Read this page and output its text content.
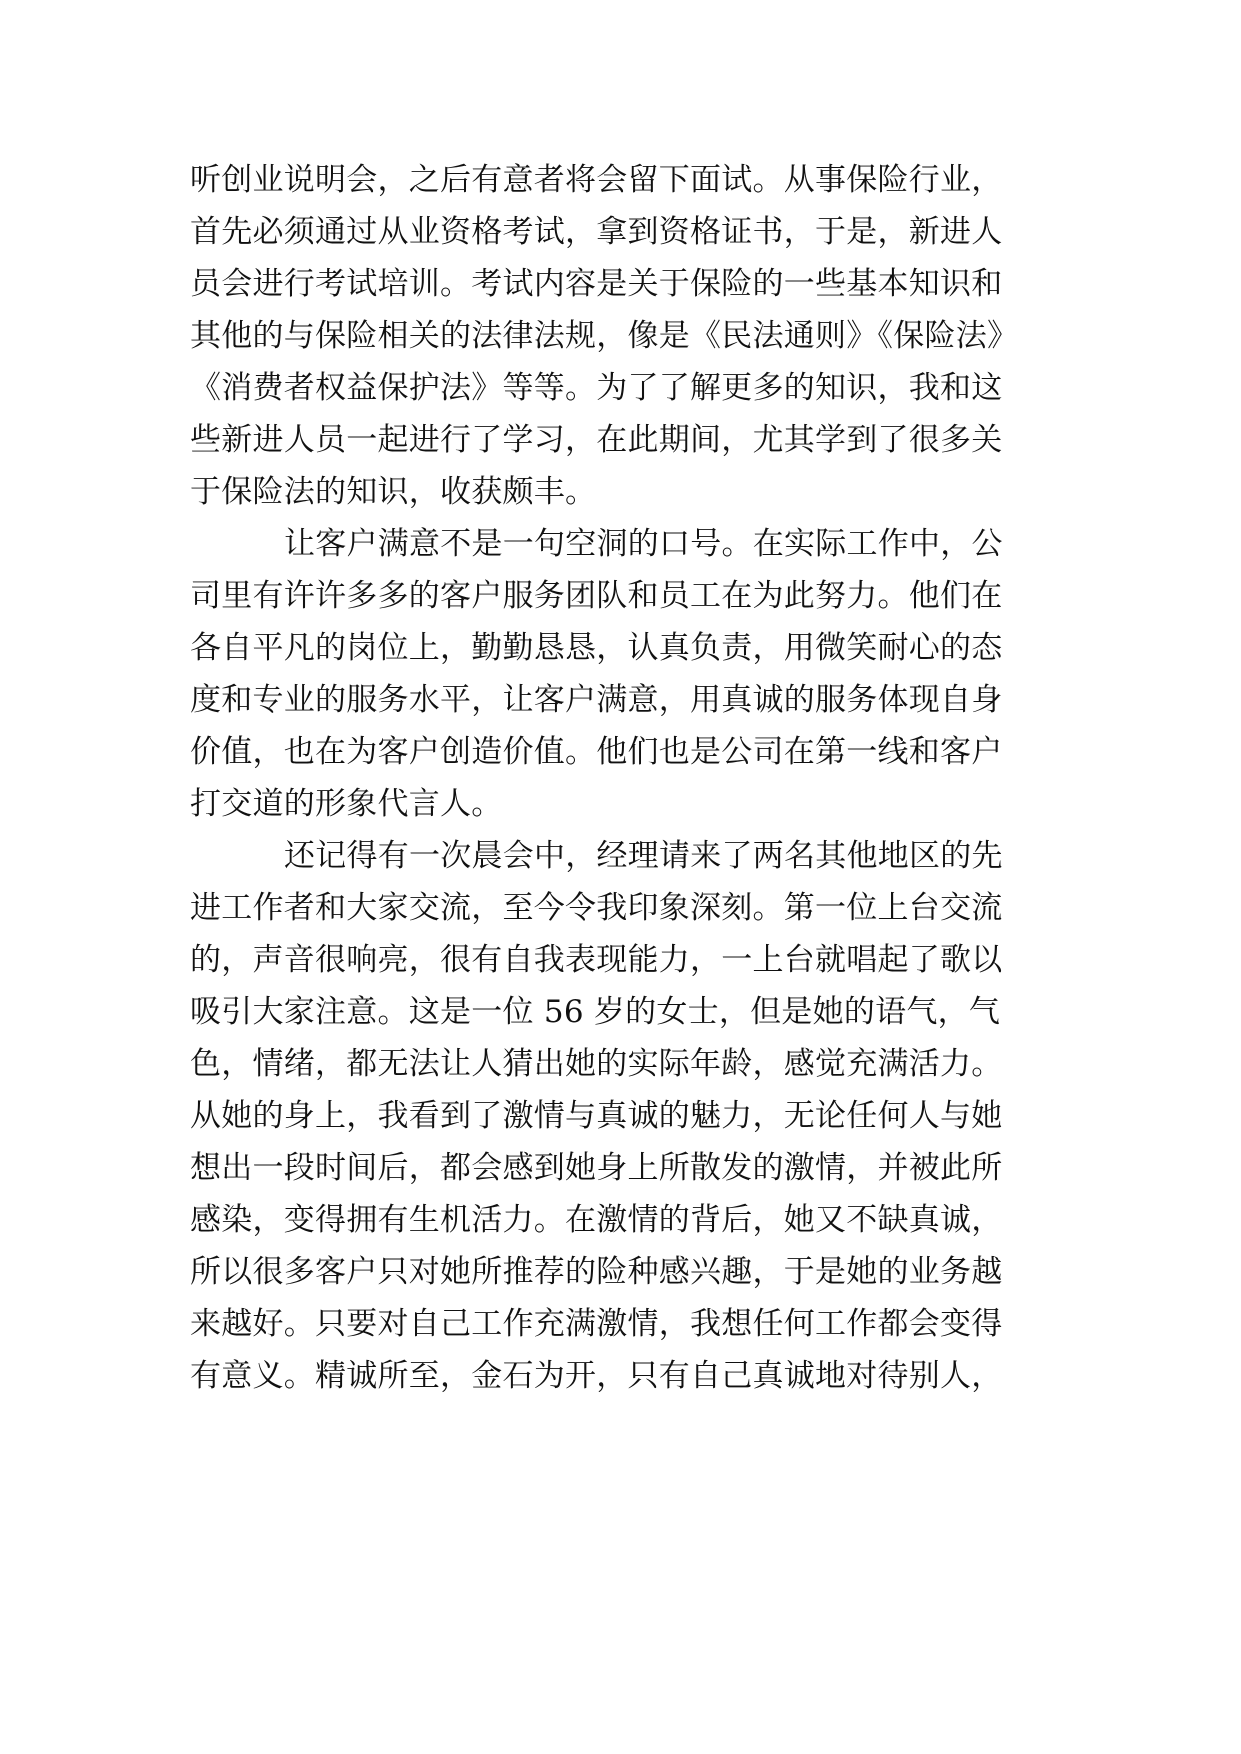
听创业说明会，之后有意者将会留下面试。从事保险行业，
首先必须通过从业资格考试，拿到资格证书，于是，新进人
员会进行考试培训。考试内容是关于保险的一些基本知识和
其他的与保险相关的法律法规，像是《民法通则》《保险法》
《消费者权益保护法》等等。为了了解更多的知识，我和这
些新进人员一起进行了学习，在此期间，尤其学到了很多关
于保险法的知识，收获颇丰。
让客户满意不是一句空洞的口号。在实际工作中，公
司里有许许多多的客户服务团队和员工在为此努力。他们在
各自平凡的岗位上，勤勤恳恳，认真负责，用微笑耐心的态
度和专业的服务水平，让客户满意，用真诚的服务体现自身
价值，也在为客户创造价值。他们也是公司在第一线和客户
打交道的形象代言人。
还记得有一次晨会中，经理请来了两名其他地区的先
进工作者和大家交流，至今令我印象深刻。第一位上台交流
的，声音很响亮，很有自我表现能力，一上台就唱起了歌以
吸引大家注意。这是一位 56 岁的女士，但是她的语气，气
色，情绪，都无法让人猜出她的实际年龄，感觉充满活力。
从她的身上，我看到了激情与真诚的魅力，无论任何人与她
想出一段时间后，都会感到她身上所散发的激情，并被此所
感染，变得拥有生机活力。在激情的背后，她又不缺真诚，
所以很多客户只对她所推荐的险种感兴趣，于是她的业务越
来越好。只要对自己工作充满激情，我想任何工作都会变得
有意义。精诚所至，金石为开，只有自己真诚地对待别人，
